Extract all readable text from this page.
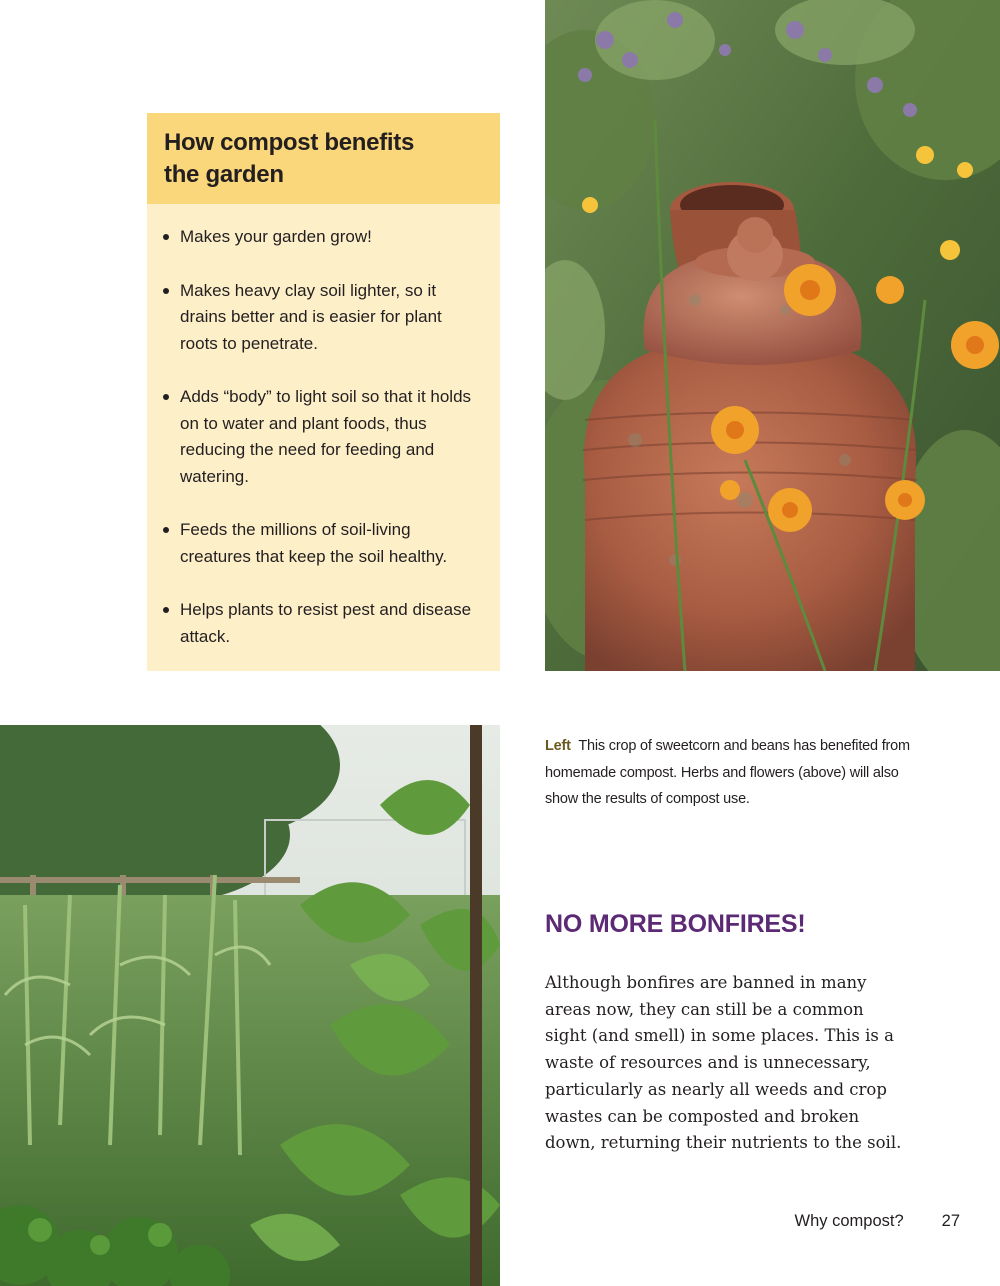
How compost benefits the garden
Makes your garden grow!
Makes heavy clay soil lighter, so it drains better and is easier for plant roots to penetrate.
Adds “body” to light soil so that it holds on to water and plant foods, thus reducing the need for feeding and watering.
Feeds the millions of soil-living creatures that keep the soil healthy.
Helps plants to resist pest and disease attack.

Left This crop of sweetcorn and beans has benefited from homemade compost. Herbs and flowers (above) will also show the results of compost use.

NO MORE BONFIRES!

Although bonfires are banned in many areas now, they can still be a common sight (and smell) in some places. This is a waste of resources and is unnecessary, particularly as nearly all weeds and crop wastes can be composted and broken down, returning their nutrients to the soil.

Why compost? 27
